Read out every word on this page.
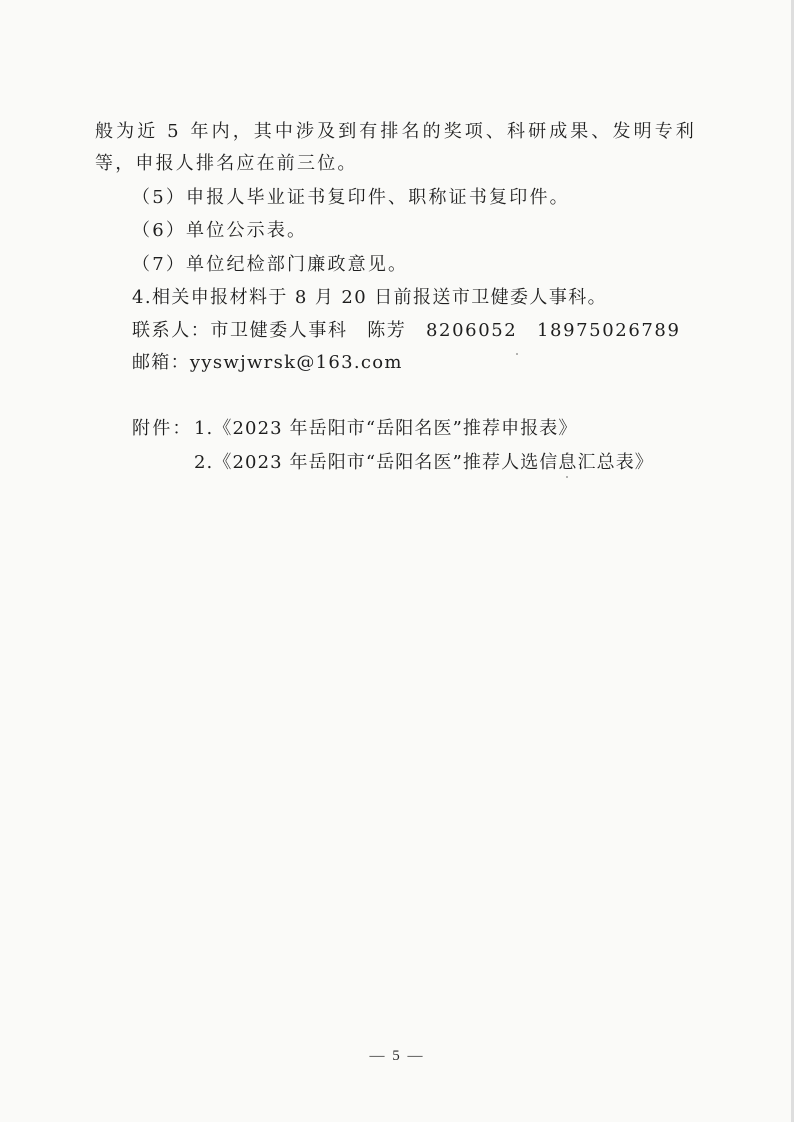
般为近 5 年内，其中涉及到有排名的奖项、科研成果、发明专利
等，申报人排名应在前三位。
（5）申报人毕业证书复印件、职称证书复印件。
（6）单位公示表。
（7）单位纪检部门廉政意见。
4.相关申报材料于 8 月 20 日前报送市卫健委人事科。
联系人：市卫健委人事科　陈芳　8206052　18975026789
邮箱：yyswjwrsk@163.com
附件： 1.《2023 年岳阳市“岳阳名医”推荐申报表》
2.《2023 年岳阳市“岳阳名医”推荐人选信息汇总表》
— 5 —
